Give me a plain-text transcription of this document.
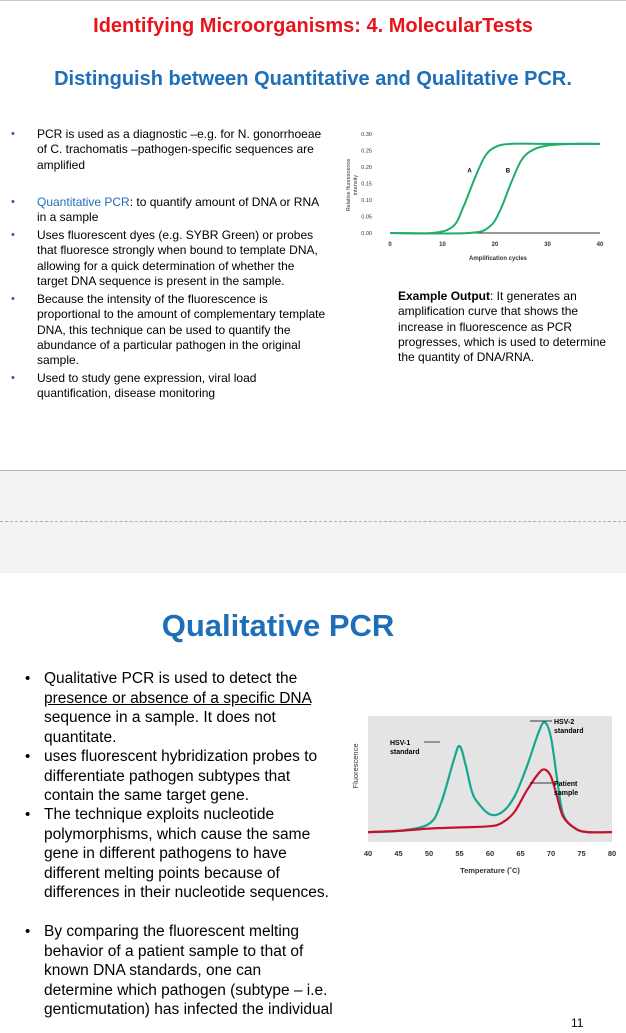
Identifying Microorganisms: 4. MolecularTests
Distinguish between Quantitative and Qualitative PCR.
• PCR is used as a diagnostic –e.g. for N. gonorrhoeae of C. trachomatis –pathogen-specific sequences are amplified
• Quantitative PCR: to quantify amount of DNA or RNA in a sample
• Uses fluorescent dyes (e.g. SYBR Green) or probes that fluoresce strongly when bound to template DNA, allowing for a quick determination of whether the target DNA sequence is present in the sample.
• Because the intensity of the fluorescence is proportional to the amount of complementary template DNA, this technique can be used to quantify the abundance of a particular pathogen in the original sample.
• Used to study gene expression, viral load quantification, disease monitoring
0.00
0.05
0.10
0.15
0.20
0.25
0.30
0	10	20	30	40
Amplification cycles
Relative fluorescence intensity
A	B
Example Output: It generates an amplification curve that shows the increase in fluorescence as PCR progresses, which is used to determine the quantity of DNA/RNA.
Qualitative PCR
• Qualitative PCR is used to detect the presence or absence of a specific DNA sequence in a sample. It does not quantitate.
• uses fluorescent hybridization probes to differentiate pathogen subtypes that contain the same target gene.
• The technique exploits nucleotide polymorphisms, which cause the same gene in different pathogens to have different melting points because of differences in their nucleotide sequences.
• By comparing the fluorescent melting behavior of a patient sample to that of known DNA standards, one can determine which pathogen (subtype – i.e. genticmutation) has infected the individual
40	45	50	55	60	65	70	75	80
Temperature (˚C)
Fluorescence	HSV-1 standard
HSV-2 standard
Patient sample
11
